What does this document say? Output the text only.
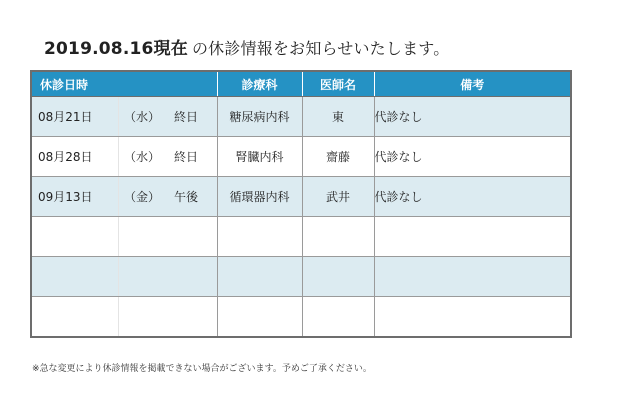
2019.08.16現在 の休診情報をお知らせいたします。
休診日時	診療科	医師名	備考

08月21日 （水） 終日	糖尿病内科	東	代診なし

08月28日 （水） 終日	腎臓内科	齋藤	代診なし

09月13日 （金） 午後	循環器内科	武井	代診なし

※急な変更により休診情報を掲載できない場合がございます。予めご了承ください。
